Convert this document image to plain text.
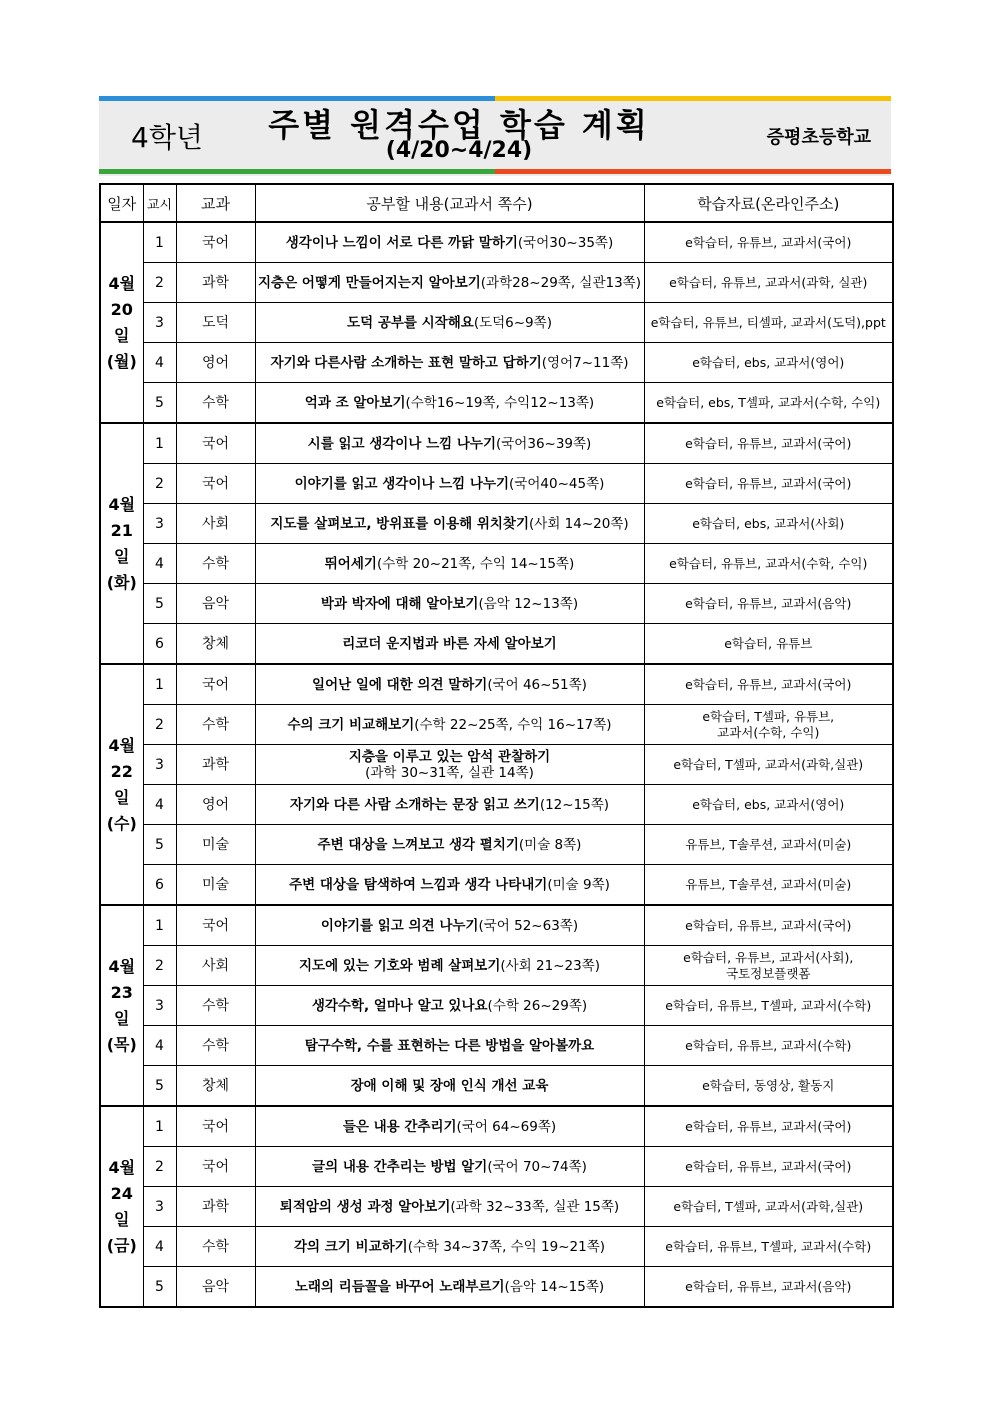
4학년 주별 원격수업 학습 계획
(4/20~4/24)
증평초등학교
일자	교시	교과	공부할 내용(교과서 쪽수)	학습자료(온라인주소)

4월
20일
(월)	1	국어	생각이나 느낌이 서로 다른 까닭 말하기(국어30~35쪽)	e학습터, 유튜브, 교과서(국어)

	2	과학	지층은 어떻게 만들어지는지 알아보기(과학28~29쪽, 실관13쪽)	e학습터, 유튜브, 교과서(과학, 실관)

	3	도덕	도덕 공부를 시작해요(도덕6~9쪽)	e학습터, 유튜브, 티셀파, 교과서(도덕),ppt

	4	영어	자기와 다른사람 소개하는 표현 말하고 답하기(영어7~11쪽)	e학습터, ebs, 교과서(영어)

	5	수학	억과 조 알아보기(수학16~19쪽, 수익12~13쪽)	e학습터, ebs, T셀파, 교과서(수학, 수익)

4월
21일
(화)	1	국어	시를 읽고 생각이나 느낌 나누기(국어36~39쪽)	e학습터, 유튜브, 교과서(국어)

	2	국어	이야기를 읽고 생각이나 느낌 나누기(국어40~45쪽)	e학습터, 유튜브, 교과서(국어)

	3	사회	지도를 살펴보고, 방위표를 이용해 위치찾기(사회 14~20쪽)	e학습터, ebs, 교과서(사회)

	4	수학	뛰어세기(수학 20~21쪽, 수익 14~15쪽)	e학습터, 유튜브, 교과서(수학, 수익)

	5	음악	박과 박자에 대해 알아보기(음악 12~13쪽)	e학습터, 유튜브, 교과서(음악)

	6	창체	리코더 운지법과 바른 자세 알아보기	e학습터, 유튜브

4월
22일
(수)	1	국어	일어난 일에 대한 의견 말하기(국어 46~51쪽)	e학습터, 유튜브, 교과서(국어)

	2	수학	수의 크기 비교해보기(수학 22~25쪽, 수익 16~17쪽)	e학습터, T셀파, 유튜브,
교과서(수학, 수익)

	3	과학	지층을 이루고 있는 암석 관찰하기
(과학 30~31쪽, 실관 14쪽)	e학습터, T셀파, 교과서(과학,실관)

	4	영어	자기와 다른 사람 소개하는 문장 읽고 쓰기(12~15쪽)	e학습터, ebs, 교과서(영어)

	5	미술	주변 대상을 느껴보고 생각 펼치기(미술 8쪽)	유튜브, T솔루션, 교과서(미술)

	6	미술	주변 대상을 탐색하여 느낌과 생각 나타내기(미술 9쪽)	유튜브, T솔루션, 교과서(미술)

4월
23일
(목)	1	국어	이야기를 읽고 의견 나누기(국어 52~63쪽)	e학습터, 유튜브, 교과서(국어)

	2	사회	지도에 있는 기호와 범례 살펴보기(사회 21~23쪽)	e학습터, 유튜브, 교과서(사회),
국토정보플랫폼

	3	수학	생각수학, 얼마나 알고 있나요(수학 26~29쪽)	e학습터, 유튜브, T셀파, 교과서(수학)

	4	수학	탐구수학, 수를 표현하는 다른 방법을 알아볼까요	e학습터, 유튜브, 교과서(수학)

	5	창체	장애 이해 및 장애 인식 개선 교육	e학습터, 동영상, 활동지

4월
24일
(금)	1	국어	들은 내용 간추리기(국어 64~69쪽)	e학습터, 유튜브, 교과서(국어)

	2	국어	글의 내용 간추리는 방법 알기(국어 70~74쪽)	e학습터, 유튜브, 교과서(국어)

	3	과학	퇴적암의 생성 과정 알아보기(과학 32~33쪽, 실관 15쪽)	e학습터, T셀파, 교과서(과학,실관)

	4	수학	각의 크기 비교하기(수학 34~37쪽, 수익 19~21쪽)	e학습터, 유튜브, T셀파, 교과서(수학)

	5	음악	노래의 리듬꼴을 바꾸어 노래부르기(음악 14~15쪽)	e학습터, 유튜브, 교과서(음악)
